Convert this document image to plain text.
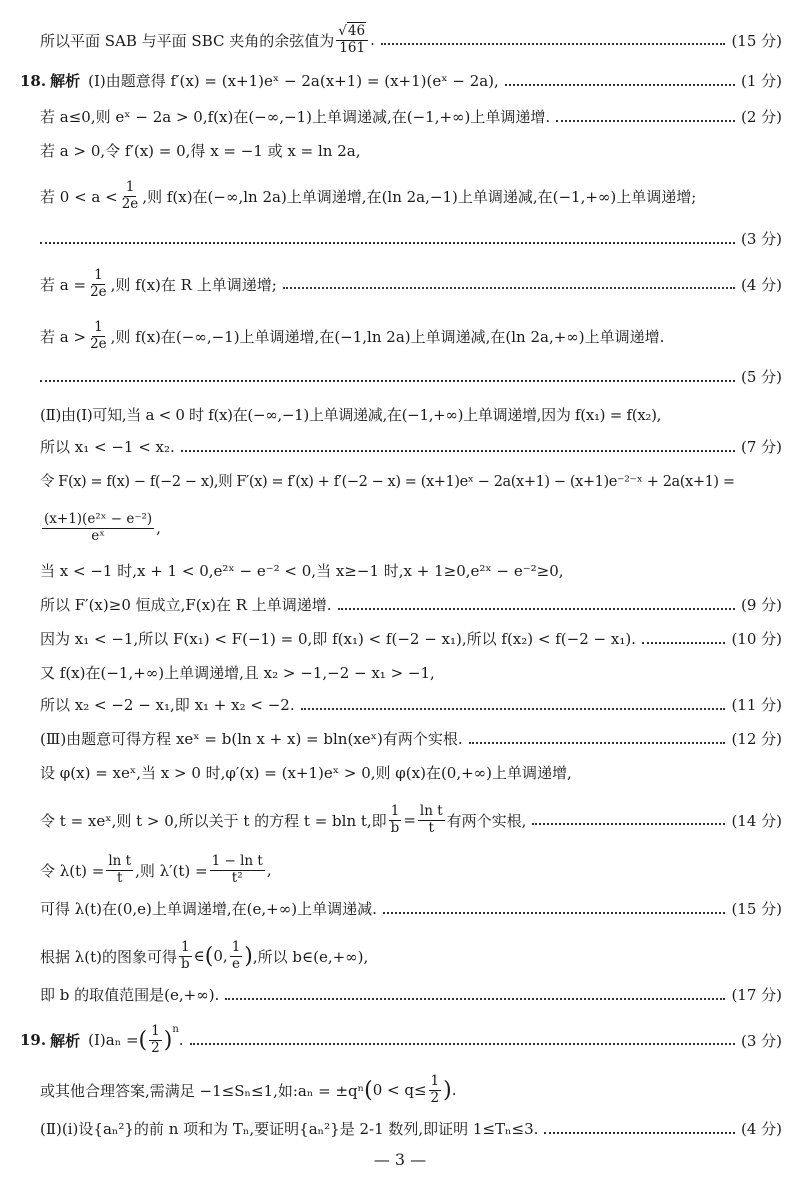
所以平面 SAB 与平面 SBC 夹角的余弦值为 $\frac{√46}{161}$ .	(15 分)
18. 解析 (Ⅰ)由题意得 f′(x) = (x+1)eˣ − 2a(x+1) = (x+1)(eˣ − 2a),	(1 分)
若 a≤0,则 eˣ − 2a > 0,f(x)在(−∞,−1)上单调递减,在(−1,+∞)上单调递增.	(2 分)
若 a > 0,令 f′(x) = 0,得 x = −1 或 x = ln 2a,
若 $0 < a < \frac{1}{2e}$ ,则 f(x)在(−∞,ln 2a)上单调递增,在(ln 2a,−1)上单调递减,在(−1,+∞)上单调递增;
(3 分)
若 $a = \frac{1}{2e}$ ,则 f(x)在 R 上单调递增;	(4 分)
若 $a > \frac{1}{2e}$ ,则 f(x)在(−∞,−1)上单调递增,在(−1,ln 2a)上单调递减,在(ln 2a,+∞)上单调递增.
(5 分)
(Ⅱ)由(Ⅰ)可知,当 a < 0 时 f(x)在(−∞,−1)上单调递减,在(−1,+∞)上单调递增,因为 f(x₁) = f(x₂),
所以 x₁ < −1 < x₂.	(7 分)
令 F(x) = f(x) − f(−2 − x),则 F′(x) = f′(x) + f′(−2 − x) = (x+1)eˣ − 2a(x+1) − (x+1)e⁻²⁻ˣ + 2a(x+1) =
$\frac{\text{(x+1)(e²ˣ − e⁻²)}}{\text{eˣ}}$ ,
当 x < −1 时,x + 1 < 0,e²ˣ − e⁻² < 0,当 x≥−1 时,x + 1≥0,e²ˣ − e⁻²≥0,
所以 F′(x)≥0 恒成立,F(x)在 R 上单调递增.	(9 分)
因为 x₁ < −1,所以 F(x₁) < F(−1) = 0,即 f(x₁) < f(−2 − x₁),所以 f(x₂) < f(−2 − x₁).	(10 分)
又 f(x)在(−1,+∞)上单调递增,且 x₂ > −1,−2 − x₁ > −1,
所以 x₂ < −2 − x₁,即 x₁ + x₂ < −2.	(11 分)
(Ⅲ)由题意可得方程 xeˣ = b(ln x + x) = bln(xeˣ)有两个实根.	(12 分)
设 φ(x) = xeˣ,当 x > 0 时,φ′(x) = (x+1)eˣ > 0,则 φ(x)在(0,+∞)上单调递增,
令 t = xeˣ,则 t > 0,所以关于 t 的方程 t = bln t,即 $\frac{1}{b} = \frac{\text{ln t}}{t}$ 有两个实根,	(14 分)
令 $\lambda(t) = \frac{\text{ln t}}{t}$ ,则 $\lambda'(t) = \frac{\text{1 − ln t}}{\text{t²}}$ ,
可得 λ(t)在(0,e)上单调递增,在(e,+∞)上单调递减.	(15 分)
根据 λ(t)的图象可得 $\frac{1}{b}$ ∈ ( 0, $\frac{1}{e}$ ) ,所以 b∈(e,+∞),
即 b 的取值范围是(e,+∞).	(17 分)
19. 解析 (Ⅰ)aₙ = ( $\frac{1}{2} )^n$
.	(3 分)
或其他合理答案,需满足 −1≤Sₙ≤1,如:aₙ = ±qⁿ ( $0 < q\le \frac{1}{2}$ ) .
(Ⅱ)(ⅰ)设{aₙ²}的前 n 项和为 Tₙ,要证明{aₙ²}是 2-1 数列,即证明 1≤Tₙ≤3.	(4 分)
— 3 —
